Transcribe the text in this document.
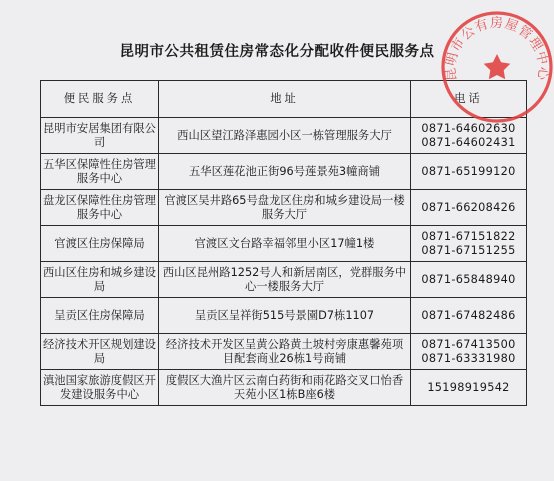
昆明市公共租赁住房常态化分配收件便民服务点
便民服务点	地址	电话
昆明市安居集团有限公司	西山区望江路泽惠园小区一栋管理服务大厅	0871-64602630
0871-64602431

五华区保障性住房管理服务中心	五华区莲花池正街96号莲景苑3幢商铺	0871-65199120

盘龙区保障性住房管理服务中心	官渡区吴井路65号盘龙区住房和城乡建设局一楼服务大厅	0871-66208426

官渡区住房保障局	官渡区文台路幸福邻里小区17幢1楼	0871-67151822
0871-67151255

西山区住房和城乡建设局	西山区昆州路1252号人和新居南区，党群服务中心一楼服务大厅	0871-65848940

呈贡区住房保障局	呈贡区呈祥街515号景園D7栋1107	0871-67482486

经济技术开区规划建设局	经济技术开发区呈黄公路黄土坡村旁康惠馨苑项目配套商业26栋1号商铺	0871-67413500
0871-63331980

滇池国家旅游度假区开发建设服务中心	度假区大渔片区云南白药街和雨花路交叉口怡香天苑小区1栋B座6楼	15198919542
昆明市公有房屋管理中心
